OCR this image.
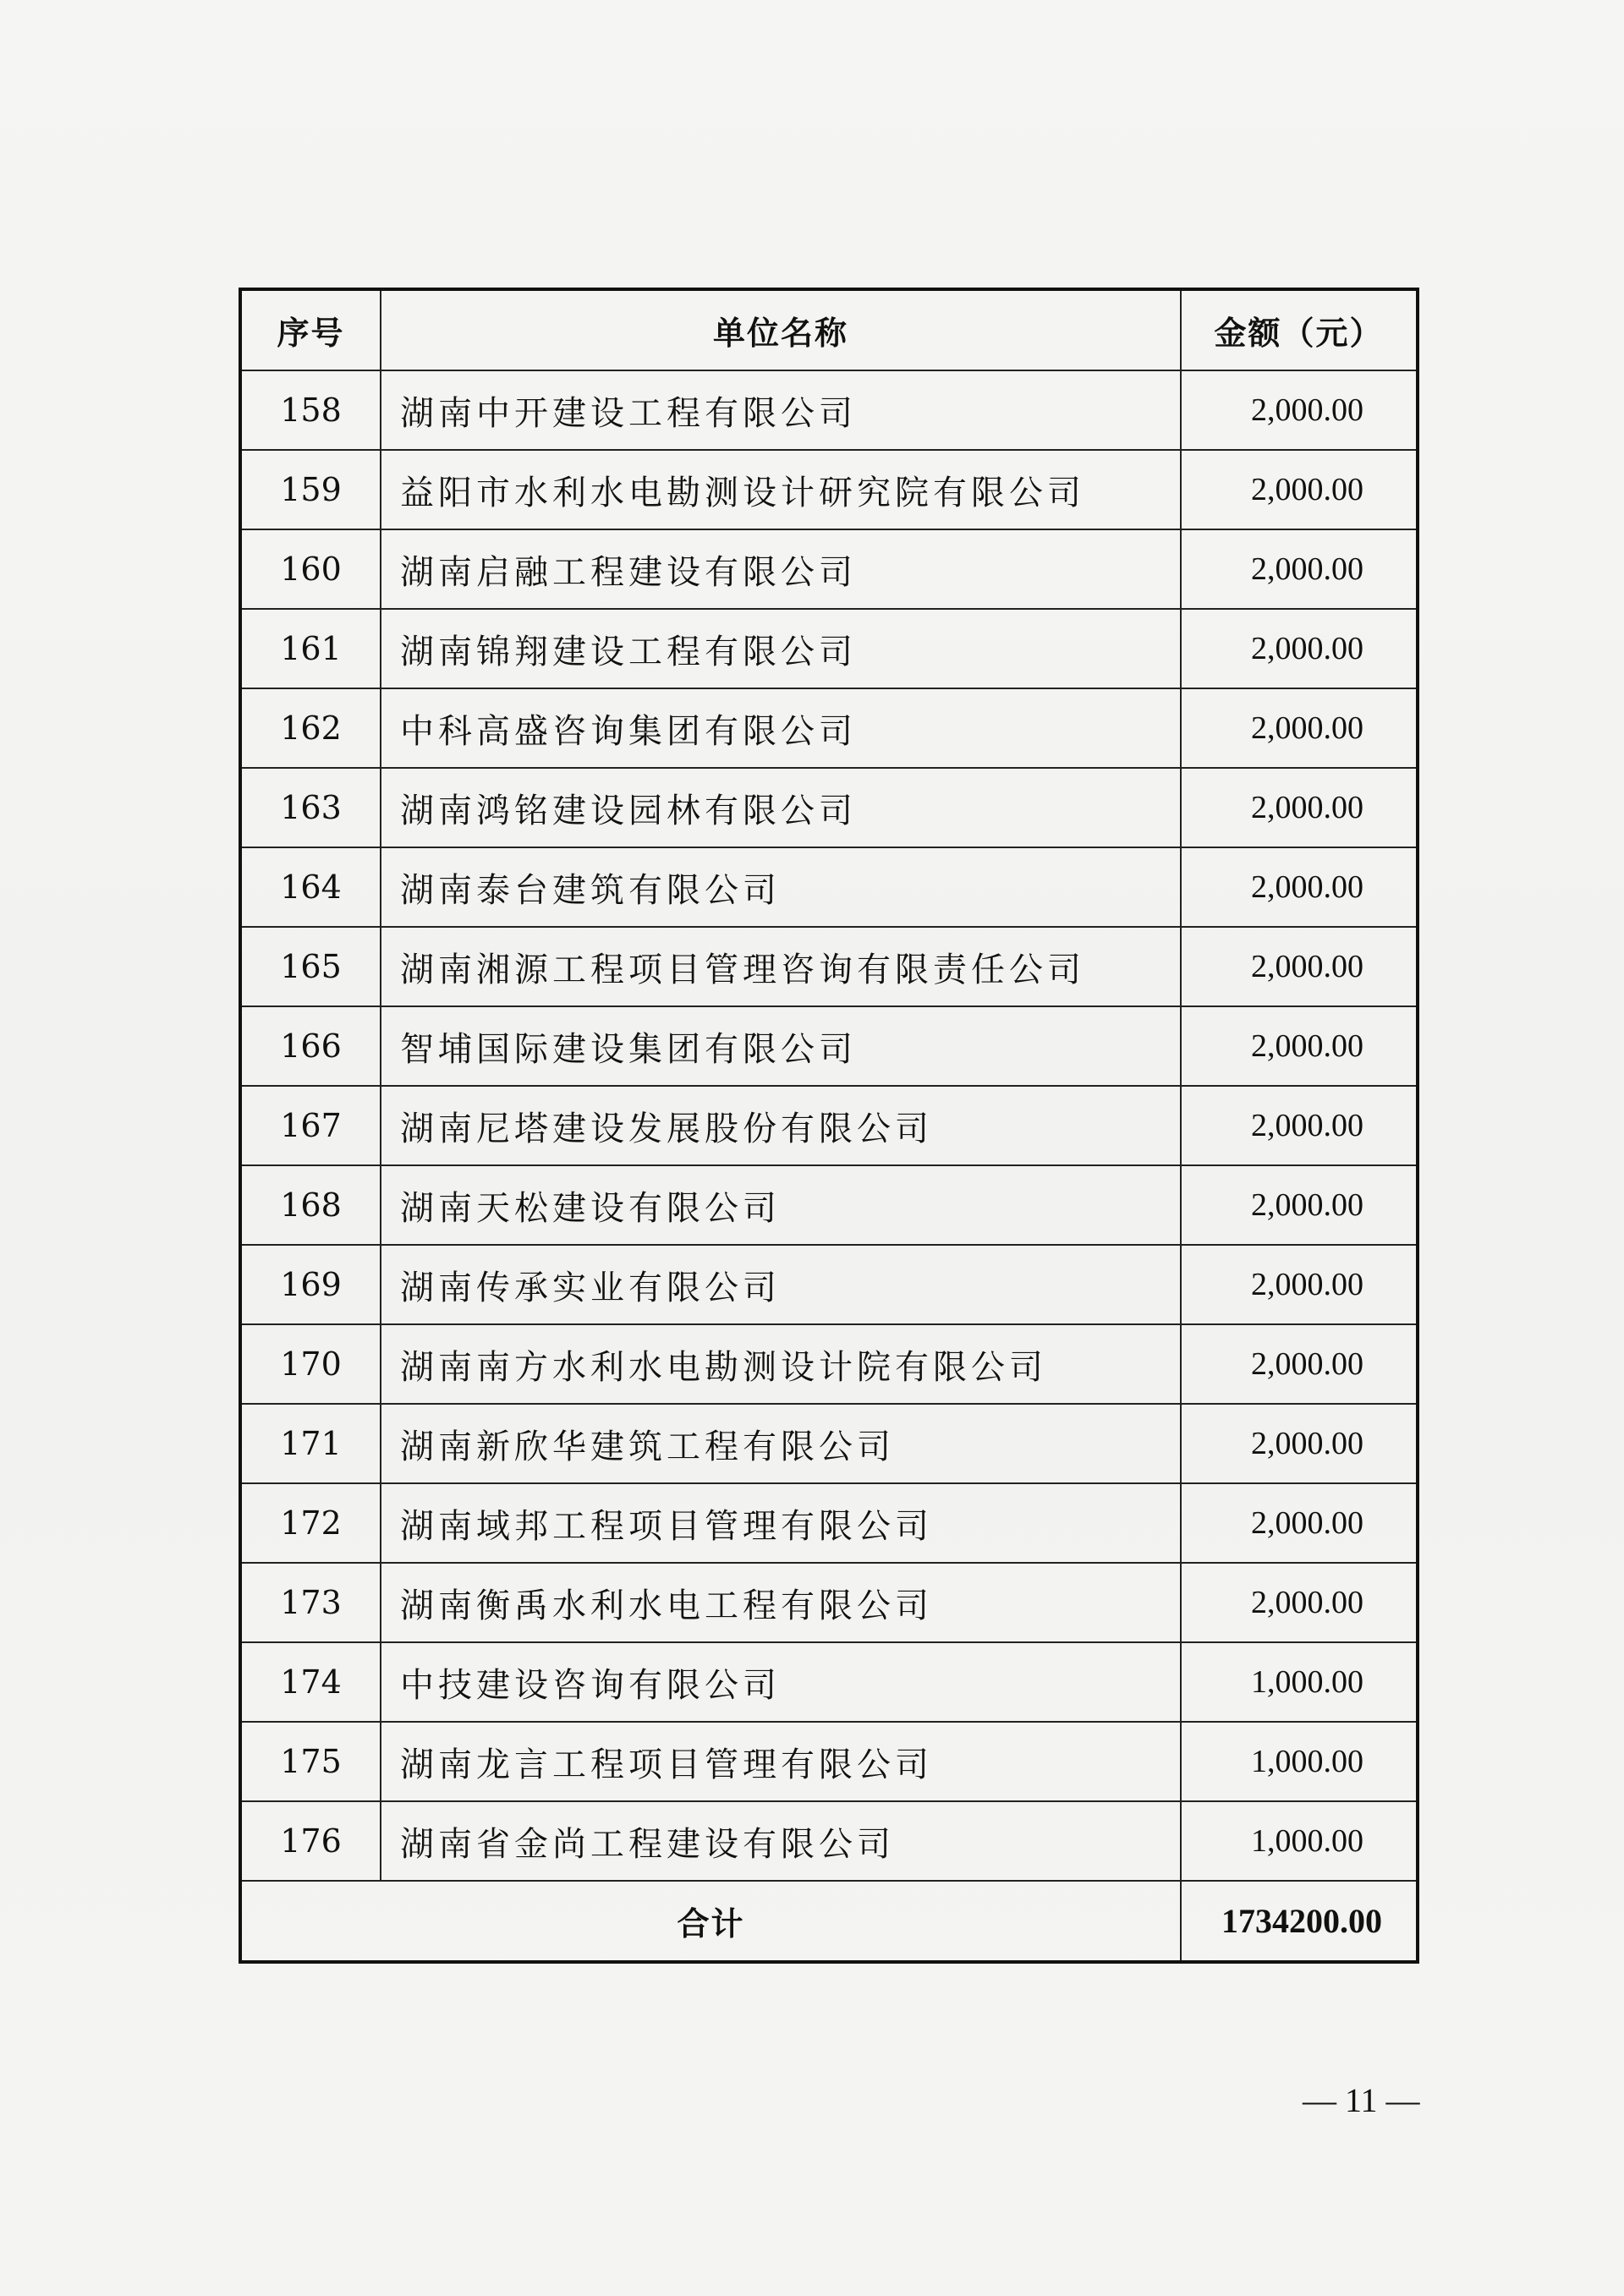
序号	单位名称	金额（元）
158	湖南中开建设工程有限公司	2,000.00
159	益阳市水利水电勘测设计研究院有限公司	2,000.00
160	湖南启融工程建设有限公司	2,000.00
161	湖南锦翔建设工程有限公司	2,000.00
162	中科高盛咨询集团有限公司	2,000.00
163	湖南鸿铭建设园林有限公司	2,000.00
164	湖南泰台建筑有限公司	2,000.00
165	湖南湘源工程项目管理咨询有限责任公司	2,000.00
166	智埔国际建设集团有限公司	2,000.00
167	湖南尼塔建设发展股份有限公司	2,000.00
168	湖南天松建设有限公司	2,000.00
169	湖南传承实业有限公司	2,000.00
170	湖南南方水利水电勘测设计院有限公司	2,000.00
171	湖南新欣华建筑工程有限公司	2,000.00
172	湖南域邦工程项目管理有限公司	2,000.00
173	湖南衡禹水利水电工程有限公司	2,000.00
174	中技建设咨询有限公司	1,000.00
175	湖南龙言工程项目管理有限公司	1,000.00
176	湖南省金尚工程建设有限公司	1,000.00
合计		1734200.00
— 11 —
